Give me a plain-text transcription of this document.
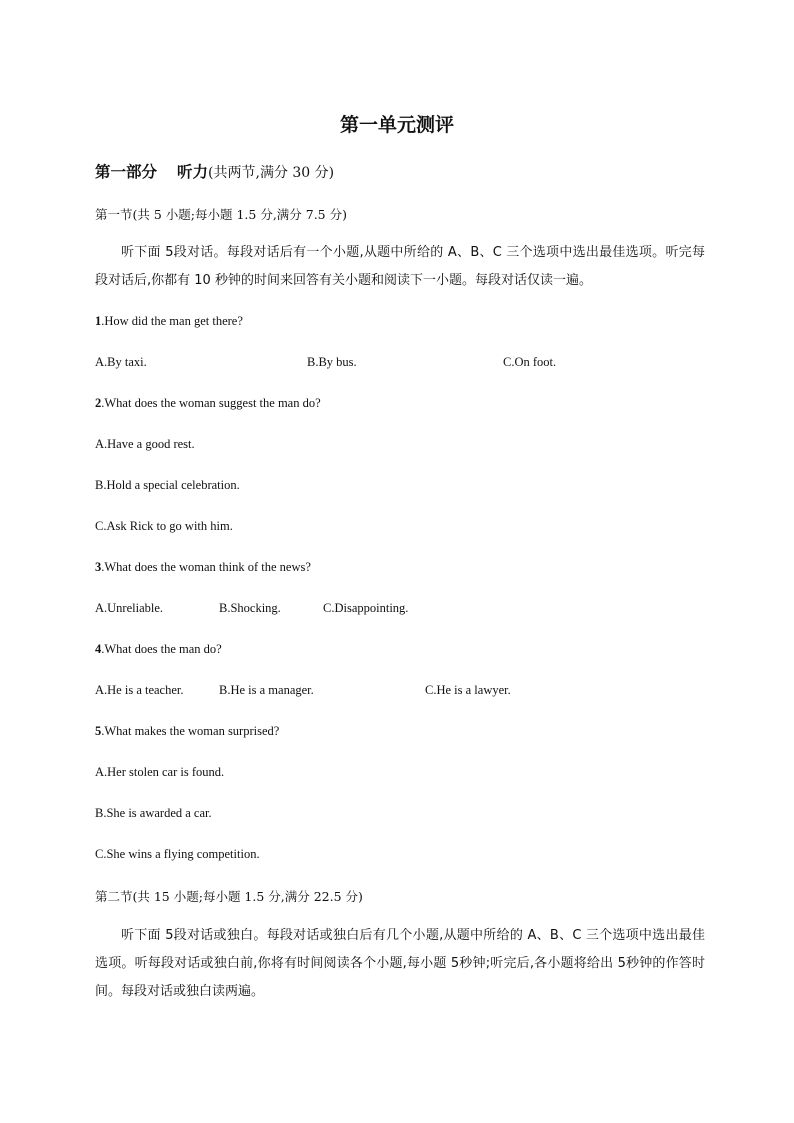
第一单元测评
第一部分 听力(共两节,满分 30 分)
第一节(共 5 小题;每小题 1.5 分,满分 7.5 分)

听下面 5段对话。每段对话后有一个小题,从题中所给的 A、B、C 三个选项中选出最佳选项。听完每段对话后,你都有 10 秒钟的时间来回答有关小题和阅读下一小题。每段对话仅读一遍。

1.How did the man get there?
A.By taxi.	B.By bus.	C.On foot.
2.What does the woman suggest the man do?
A.Have a good rest.
B.Hold a special celebration.
C.Ask Rick to go with him.
3.What does the woman think of the news?
A.Unreliable.	B.Shocking.	C.Disappointing.
4.What does the man do?
A.He is a teacher.	B.He is a manager.	C.He is a lawyer.
5.What makes the woman surprised?
A.Her stolen car is found.
B.She is awarded a car.
C.She wins a flying competition.
第二节(共 15 小题;每小题 1.5 分,满分 22.5 分)

听下面 5段对话或独白。每段对话或独白后有几个小题,从题中所给的 A、B、C 三个选项中选出最佳选项。听每段对话或独白前,你将有时间阅读各个小题,每小题 5秒钟;听完后,各小题将给出 5秒钟的作答时间。每段对话或独白读两遍。
